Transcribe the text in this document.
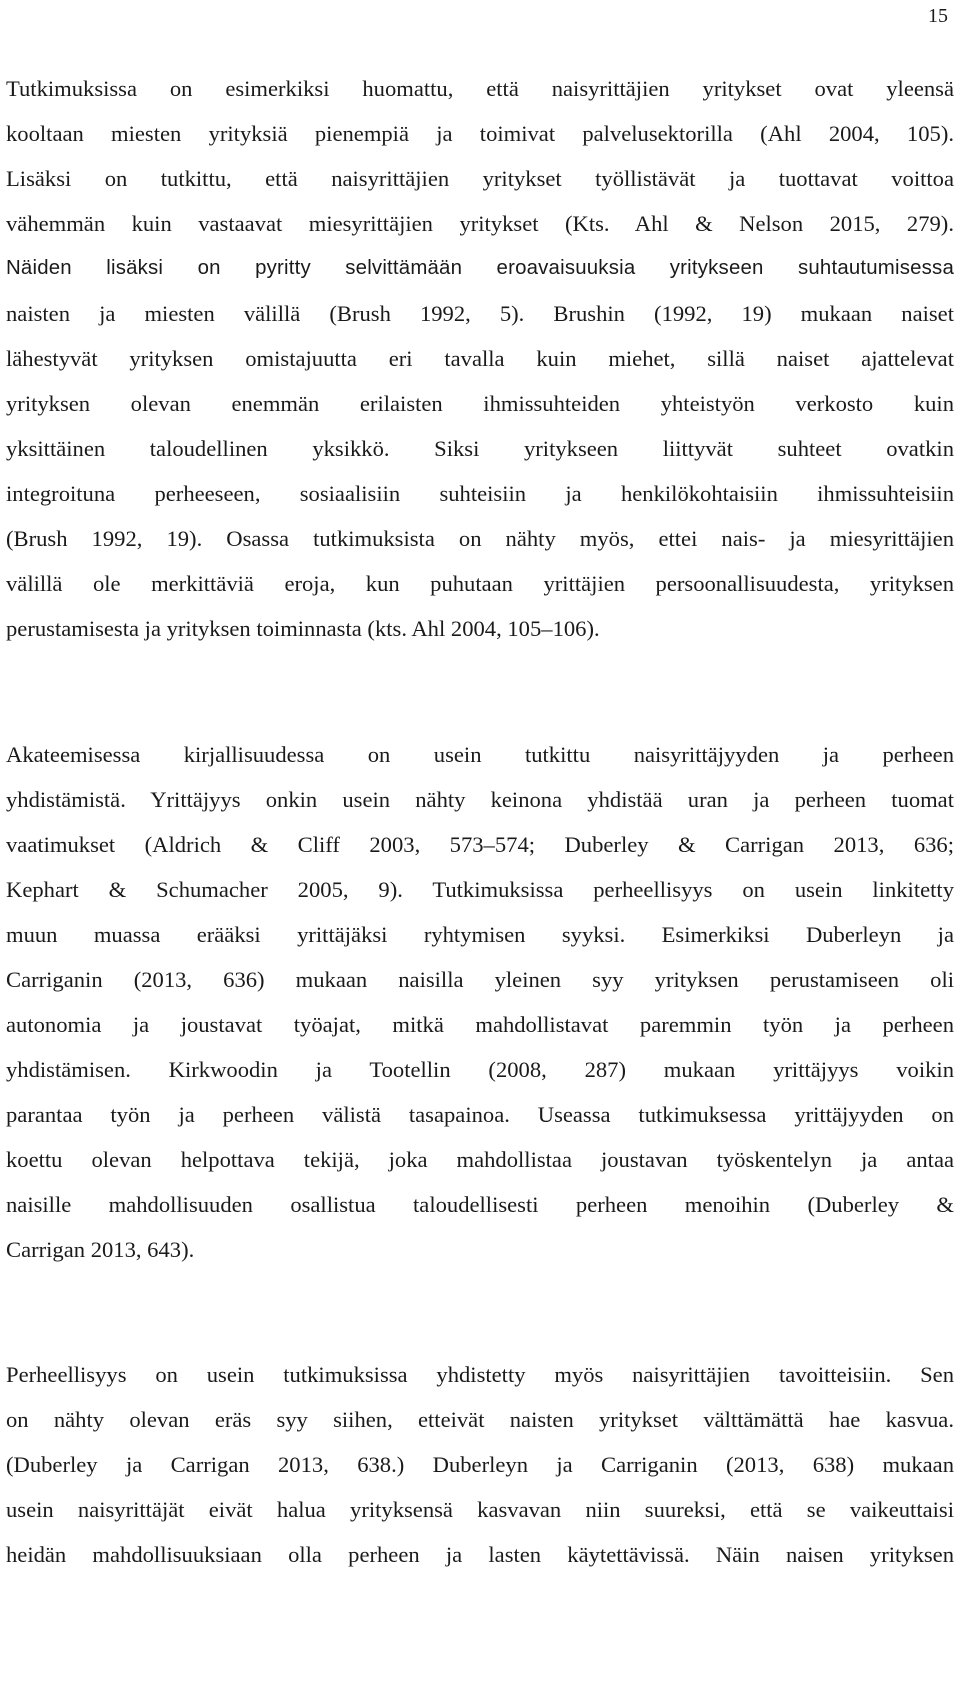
15
Tutkimuksissa on esimerkiksi huomattu, että naisyrittäjien yritykset ovat yleensä
kooltaan miesten yrityksiä pienempiä ja toimivat palvelusektorilla (Ahl 2004, 105).
Lisäksi on tutkittu, että naisyrittäjien yritykset työllistävät ja tuottavat voittoa
vähemmän kuin vastaavat miesyrittäjien yritykset (Kts. Ahl & Nelson 2015, 279).
Näiden lisäksi on pyritty selvittämään eroavaisuuksia yritykseen suhtautumisessa
naisten ja miesten välillä (Brush 1992, 5). Brushin (1992, 19) mukaan naiset
lähestyvät yrityksen omistajuutta eri tavalla kuin miehet, sillä naiset ajattelevat
yrityksen olevan enemmän erilaisten ihmissuhteiden yhteistyön verkosto kuin
yksittäinen taloudellinen yksikkö. Siksi yritykseen liittyvät suhteet ovatkin
integroituna perheeseen, sosiaalisiin suhteisiin ja henkilökohtaisiin ihmissuhteisiin
(Brush 1992, 19). Osassa tutkimuksista on nähty myös, ettei nais- ja miesyrittäjien
välillä ole merkittäviä eroja, kun puhutaan yrittäjien persoonallisuudesta, yrityksen
perustamisesta ja yrityksen toiminnasta (kts. Ahl 2004, 105–106).
Akateemisessa kirjallisuudessa on usein tutkittu naisyrittäjyyden ja perheen
yhdistämistä. Yrittäjyys onkin usein nähty keinona yhdistää uran ja perheen tuomat
vaatimukset (Aldrich & Cliff 2003, 573–574; Duberley & Carrigan 2013, 636;
Kephart & Schumacher 2005, 9). Tutkimuksissa perheellisyys on usein linkitetty
muun muassa erääksi yrittäjäksi ryhtymisen syyksi. Esimerkiksi Duberleyn ja
Carriganin (2013, 636) mukaan naisilla yleinen syy yrityksen perustamiseen oli
autonomia ja joustavat työajat, mitkä mahdollistavat paremmin työn ja perheen
yhdistämisen. Kirkwoodin ja Tootellin (2008, 287) mukaan yrittäjyys voikin
parantaa työn ja perheen välistä tasapainoa. Useassa tutkimuksessa yrittäjyyden on
koettu olevan helpottava tekijä, joka mahdollistaa joustavan työskentelyn ja antaa
naisille mahdollisuuden osallistua taloudellisesti perheen menoihin (Duberley &
Carrigan 2013, 643).
Perheellisyys on usein tutkimuksissa yhdistetty myös naisyrittäjien tavoitteisiin. Sen
on nähty olevan eräs syy siihen, etteivät naisten yritykset välttämättä hae kasvua.
(Duberley ja Carrigan 2013, 638.) Duberleyn ja Carriganin (2013, 638) mukaan
usein naisyrittäjät eivät halua yrityksensä kasvavan niin suureksi, että se vaikeuttaisi
heidän mahdollisuuksiaan olla perheen ja lasten käytettävissä. Näin naisen yrityksen
